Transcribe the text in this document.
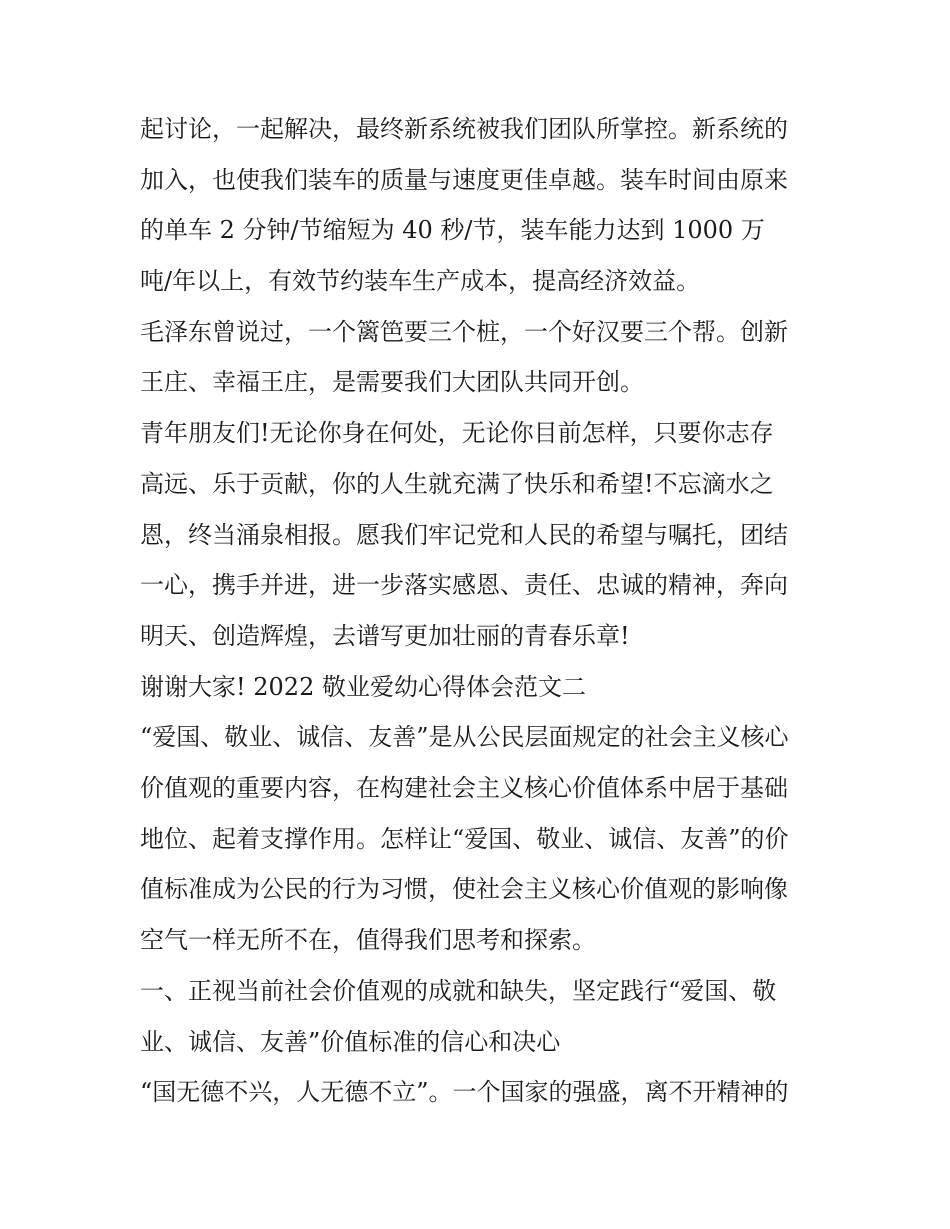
起讨论，一起解决，最终新系统被我们团队所掌控。新系统的
加入，也使我们装车的质量与速度更佳卓越。装车时间由原来
的单车 2 分钟/节缩短为 40 秒/节，装车能力达到 1000 万
吨/年以上，有效节约装车生产成本，提高经济效益。
毛泽东曾说过，一个篱笆要三个桩，一个好汉要三个帮。创新
王庄、幸福王庄，是需要我们大团队共同开创。
青年朋友们!无论你身在何处，无论你目前怎样，只要你志存
高远、乐于贡献，你的人生就充满了快乐和希望!不忘滴水之
恩，终当涌泉相报。愿我们牢记党和人民的希望与嘱托，团结
一心，携手并进，进一步落实感恩、责任、忠诚的精神，奔向
明天、创造辉煌，去谱写更加壮丽的青春乐章!
谢谢大家! 2022 敬业爱幼心得体会范文二
“爱国、敬业、诚信、友善”是从公民层面规定的社会主义核心
价值观的重要内容，在构建社会主义核心价值体系中居于基础
地位、起着支撑作用。怎样让“爱国、敬业、诚信、友善”的价
值标准成为公民的行为习惯，使社会主义核心价值观的影响像
空气一样无所不在，值得我们思考和探索。
一、正视当前社会价值观的成就和缺失，坚定践行“爱国、敬
业、诚信、友善”价值标准的信心和决心
“国无德不兴，人无德不立”。一个国家的强盛，离不开精神的
